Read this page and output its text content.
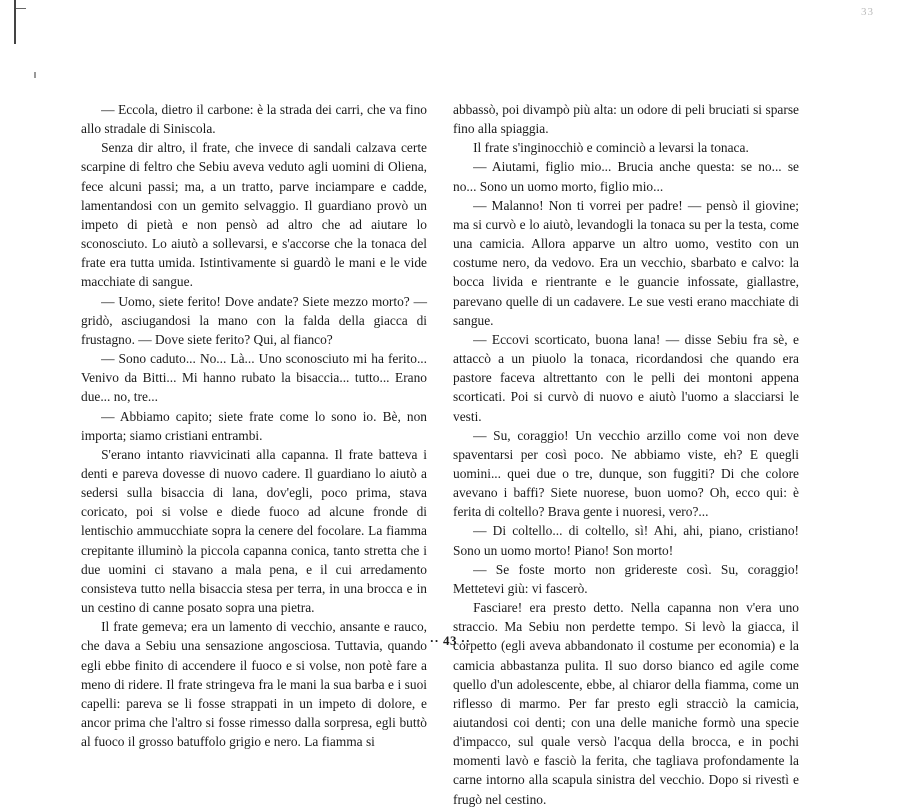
33

— Eccola, dietro il carbone: è la strada dei carri, che va fino allo stradale di Siniscola.

Senza dir altro, il frate, che invece di sandali calzava certe scarpine di feltro che Sebiu aveva veduto agli uomini di Oliena, fece alcuni passi; ma, a un tratto, parve inciampare e cadde, lamentandosi con un gemito selvaggio. Il guardiano provò un impeto di pietà e non pensò ad altro che ad aiutare lo sconosciuto. Lo aiutò a sollevarsi, e s'accorse che la tonaca del frate era tutta umida. Istintivamente si guardò le mani e le vide macchiate di sangue.

— Uomo, siete ferito! Dove andate? Siete mezzo morto? — gridò, asciugandosi la mano con la falda della giacca di frustagno. — Dove siete ferito? Qui, al fianco?

— Sono caduto... No... Là... Uno sconosciuto mi ha ferito... Venivo da Bitti... Mi hanno rubato la bisaccia... tutto... Erano due... no, tre...

— Abbiamo capito; siete frate come lo sono io. Bè, non importa; siamo cristiani entrambi.

S'erano intanto riavvicinati alla capanna. Il frate batteva i denti e pareva dovesse di nuovo cadere. Il guardiano lo aiutò a sedersi sulla bisaccia di lana, dov'egli, poco prima, stava coricato, poi si volse e diede fuoco ad alcune fronde di lentischio ammucchiate sopra la cenere del focolare. La fiamma crepitante illuminò la piccola capanna conica, tanto stretta che i due uomini ci stavano a mala pena, e il cui arredamento consisteva tutto nella bisaccia stesa per terra, in una brocca e in un cestino di canne posato sopra una pietra.

Il frate gemeva; era un lamento di vecchio, ansante e rauco, che dava a Sebiu una sensazione angosciosa. Tuttavia, quando egli ebbe finito di accendere il fuoco e si volse, non potè fare a meno di ridere. Il frate stringeva fra le mani la sua barba e i suoi capelli: pareva se li fosse strappati in un impeto di dolore, e ancor prima che l'altro si fosse rimesso dalla sorpresa, egli buttò al fuoco il grosso batuffolo grigio e nero. La fiamma si

abbassò, poi divampò più alta: un odore di peli bruciati si sparse fino alla spiaggia.

Il frate s'inginocchiò e cominciò a levarsi la tonaca.

— Aiutami, figlio mio... Brucia anche questa: se no... se no... Sono un uomo morto, figlio mio...

— Malanno! Non ti vorrei per padre! — pensò il giovine; ma si curvò e lo aiutò, levandogli la tonaca su per la testa, come una camicia. Allora apparve un altro uomo, vestito con un costume nero, da vedovo. Era un vecchio, sbarbato e calvo: la bocca livida e rientrante e le guancie infossate, giallastre, parevano quelle di un cadavere. Le sue vesti erano macchiate di sangue.

— Eccovi scorticato, buona lana! — disse Sebiu fra sè, e attaccò a un piuolo la tonaca, ricordandosi che quando era pastore faceva altrettanto con le pelli dei montoni appena scorticati. Poi si curvò di nuovo e aiutò l'uomo a slacciarsi le vesti.

— Su, coraggio! Un vecchio arzillo come voi non deve spaventarsi per così poco. Ne abbiamo viste, eh? E quegli uomini... quei due o tre, dunque, son fuggiti? Di che colore avevano i baffi? Siete nuorese, buon uomo? Oh, ecco qui: è ferita di coltello? Brava gente i nuoresi, vero?...

— Di coltello... di coltello, sì! Ahi, ahi, piano, cristiano! Sono un uomo morto! Piano! Son morto!

— Se foste morto non gridereste così. Su, coraggio! Mettetevi giù: vi fascerò.

Fasciare! era presto detto. Nella capanna non v'era uno straccio. Ma Sebiu non perdette tempo. Si levò la giacca, il corpetto (egli aveva abbandonato il costume per economia) e la camicia abbastanza pulita. Il suo dorso bianco ed agile come quello d'un adolescente, ebbe, al chiaror della fiamma, come un riflesso di marmo. Per far presto egli stracciò la camicia, aiutandosi coi denti; con una delle maniche formò una specie d'impacco, sul quale versò l'acqua della brocca, e in pochi momenti lavò e fasciò la ferita, che tagliava profondamente la carne intorno alla scapula sinistra del vecchio. Dopo si rivestì e frugò nel cestino.

·· 43 ··
